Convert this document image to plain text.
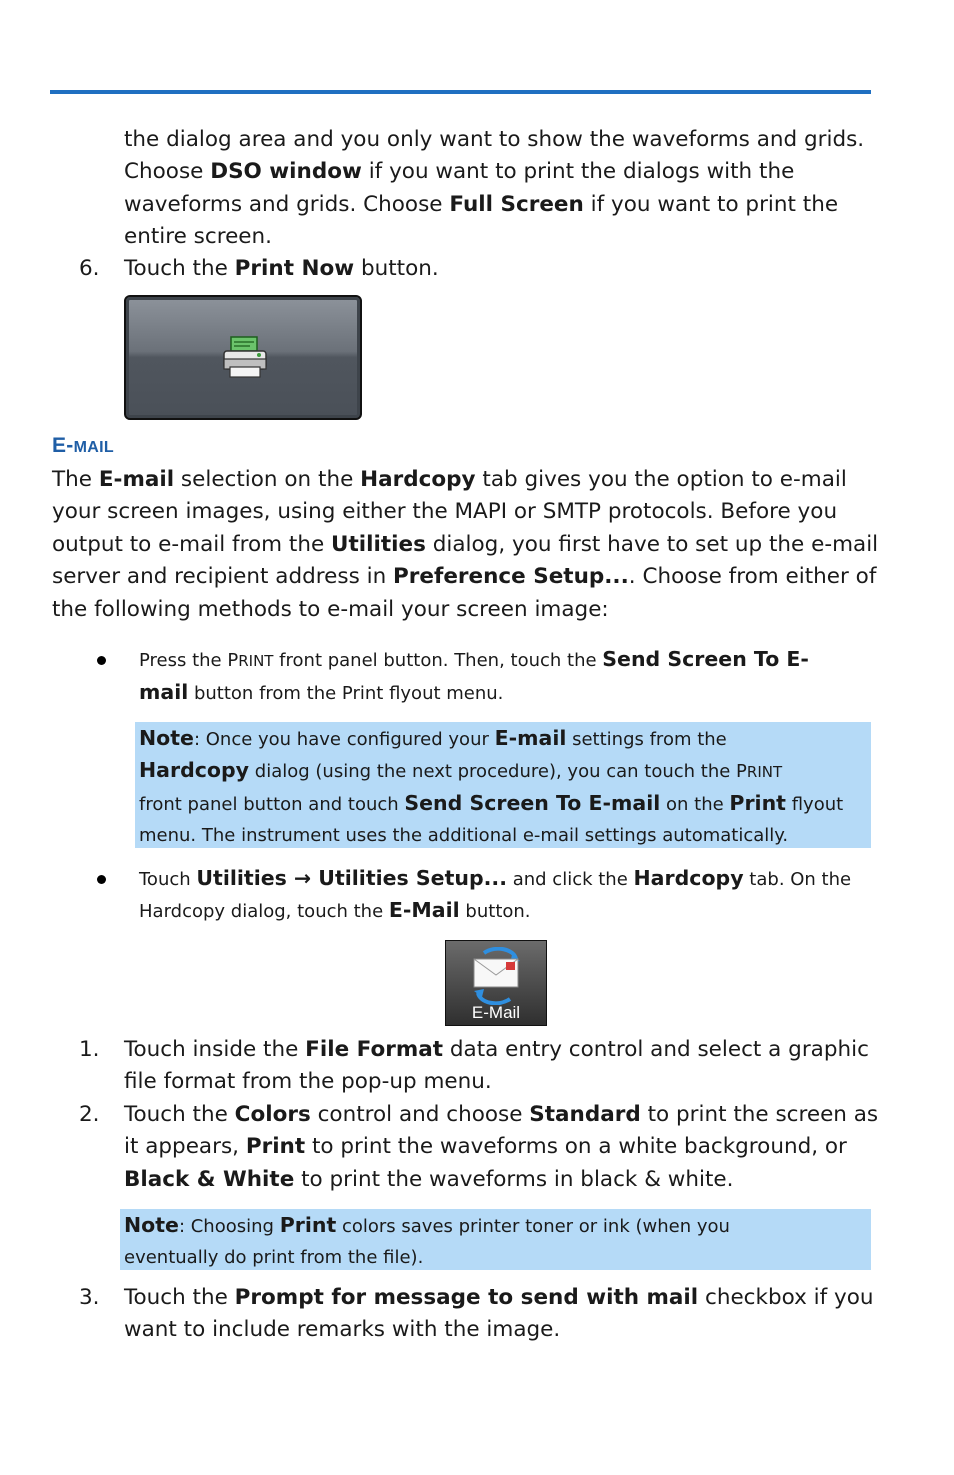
the dialog area and you only want to show the waveforms and grids.
Choose DSO window if you want to print the dialogs with the
waveforms and grids. Choose Full Screen if you want to print the
entire screen.

6. Touch the Print Now button.

E-MAIL

The E-mail selection on the Hardcopy tab gives you the option to e-mail
your screen images, using either the MAPI or SMTP protocols. Before you
output to e-mail from the Utilities dialog, you first have to set up the e-mail
server and recipient address in Preference Setup.... Choose from either of
the following methods to e-mail your screen image:

Press the PRINT front panel button. Then, touch the Send Screen To E-
mail button from the Print flyout menu.

Note: Once you have configured your E-mail settings from the
Hardcopy dialog (using the next procedure), you can touch the PRINT
front panel button and touch Send Screen To E-mail on the Print flyout
menu. The instrument uses the additional e-mail settings automatically.

Touch Utilities → Utilities Setup... and click the Hardcopy tab. On the
Hardcopy dialog, touch the E-Mail button.

E-Mail
1. Touch inside the File Format data entry control and select a graphic
file format from the pop-up menu.

2. Touch the Colors control and choose Standard to print the screen as
it appears, Print to print the waveforms on a white background, or
Black & White to print the waveforms in black & white.

Note: Choosing Print colors saves printer toner or ink (when you
eventually do print from the file).
3. Touch the Prompt for message to send with mail checkbox if you
want to include remarks with the image.
